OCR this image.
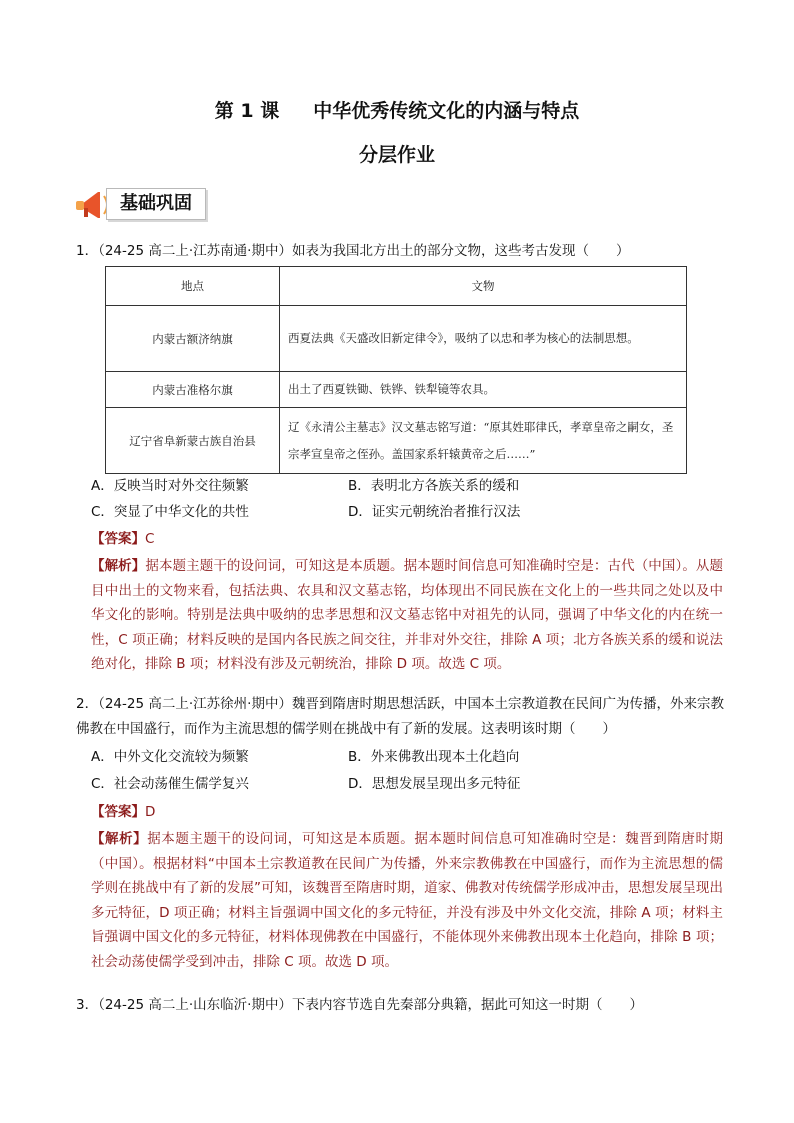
第 1 课 中华优秀传统文化的内涵与特点
分层作业
基础巩固
1．（24-25 高二上·江苏南通·期中）如表为我国北方出土的部分文物，这些考古发现（　　）
地点	文物
内蒙古额济纳旗	西夏法典《天盛改旧新定律令》，吸纳了以忠和孝为核心的法制思想。
内蒙古准格尔旗	出土了西夏铁锄、铁铧、铁犁镜等农具。
辽宁省阜新蒙古族自治县	辽《永清公主墓志》汉文墓志铭写道：“原其姓耶律氏，孝章皇帝之嗣女，圣宗孝宣皇帝之侄孙。盖国家系轩辕黄帝之后……”
A．反映当时对外交往频繁	B．表明北方各族关系的缓和
C．突显了中华文化的共性	D．证实元朝统治者推行汉法
【答案】C
【解析】据本题主题干的设问词，可知这是本质题。据本题时间信息可知准确时空是：古代（中国）。从题目中出土的文物来看，包括法典、农具和汉文墓志铭，均体现出不同民族在文化上的一些共同之处以及中华文化的影响。特别是法典中吸纳的忠孝思想和汉文墓志铭中对祖先的认同，强调了中华文化的内在统一性，C 项正确；材料反映的是国内各民族之间交往，并非对外交往，排除 A 项；北方各族关系的缓和说法绝对化，排除 B 项；材料没有涉及元朝统治，排除 D 项。故选 C 项。
2．（24-25 高二上·江苏徐州·期中）魏晋到隋唐时期思想活跃，中国本土宗教道教在民间广为传播，外来宗教佛教在中国盛行，而作为主流思想的儒学则在挑战中有了新的发展。这表明该时期（　　）
A．中外文化交流较为频繁	B．外来佛教出现本土化趋向
C．社会动荡催生儒学复兴	D．思想发展呈现出多元特征
【答案】D
【解析】据本题主题干的设问词，可知这是本质题。据本题时间信息可知准确时空是：魏晋到隋唐时期（中国）。根据材料“中国本土宗教道教在民间广为传播，外来宗教佛教在中国盛行，而作为主流思想的儒学则在挑战中有了新的发展”可知，该魏晋至隋唐时期，道家、佛教对传统儒学形成冲击，思想发展呈现出多元特征，D 项正确；材料主旨强调中国文化的多元特征，并没有涉及中外文化交流，排除 A 项；材料主旨强调中国文化的多元特征，材料体现佛教在中国盛行，不能体现外来佛教出现本土化趋向，排除 B 项；社会动荡使儒学受到冲击，排除 C 项。故选 D 项。
3．（24-25 高二上·山东临沂·期中）下表内容节选自先秦部分典籍，据此可知这一时期（　　）
